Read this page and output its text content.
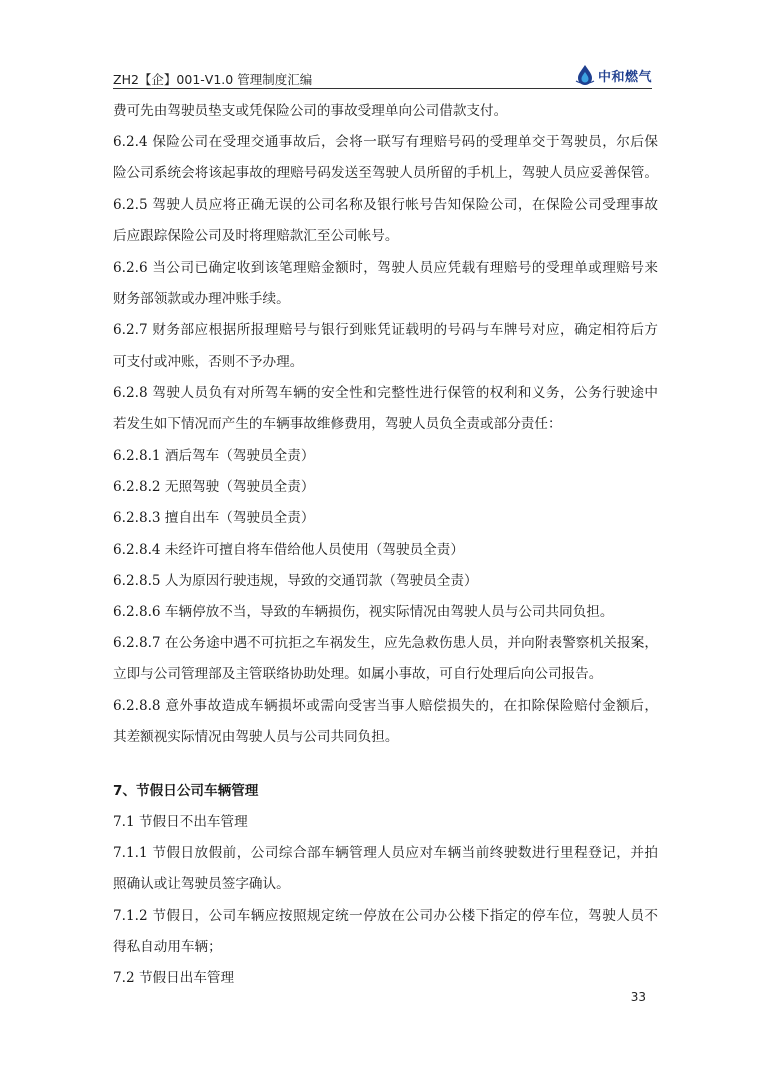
ZH2【企】001-V1.0 管理制度汇编	中和燃气
费可先由驾驶员垫支或凭保险公司的事故受理单向公司借款支付。
6.2.4 保险公司在受理交通事故后，会将一联写有理赔号码的受理单交于驾驶员，尔后保
险公司系统会将该起事故的理赔号码发送至驾驶人员所留的手机上，驾驶人员应妥善保管。
6.2.5 驾驶人员应将正确无误的公司名称及银行帐号告知保险公司，在保险公司受理事故
后应跟踪保险公司及时将理赔款汇至公司帐号。
6.2.6 当公司已确定收到该笔理赔金额时，驾驶人员应凭载有理赔号的受理单或理赔号来
财务部领款或办理冲账手续。
6.2.7 财务部应根据所报理赔号与银行到账凭证载明的号码与车牌号对应，确定相符后方
可支付或冲账，否则不予办理。
6.2.8 驾驶人员负有对所驾车辆的安全性和完整性进行保管的权利和义务，公务行驶途中
若发生如下情况而产生的车辆事故维修费用，驾驶人员负全责或部分责任：
6.2.8.1 酒后驾车（驾驶员全责）
6.2.8.2 无照驾驶（驾驶员全责）
6.2.8.3 擅自出车（驾驶员全责）
6.2.8.4 未经许可擅自将车借给他人员使用（驾驶员全责）
6.2.8.5 人为原因行驶违规，导致的交通罚款（驾驶员全责）
6.2.8.6 车辆停放不当，导致的车辆损伤，视实际情况由驾驶人员与公司共同负担。
6.2.8.7 在公务途中遇不可抗拒之车祸发生，应先急救伤患人员，并向附表警察机关报案，
立即与公司管理部及主管联络协助处理。如属小事故，可自行处理后向公司报告。
6.2.8.8 意外事故造成车辆损坏或需向受害当事人赔偿损失的，在扣除保险赔付金额后，
其差额视实际情况由驾驶人员与公司共同负担。
7、节假日公司车辆管理
7.1 节假日不出车管理
7.1.1 节假日放假前，公司综合部车辆管理人员应对车辆当前终驶数进行里程登记，并拍
照确认或让驾驶员签字确认。
7.1.2 节假日，公司车辆应按照规定统一停放在公司办公楼下指定的停车位，驾驶人员不
得私自动用车辆；
7.2 节假日出车管理
33
